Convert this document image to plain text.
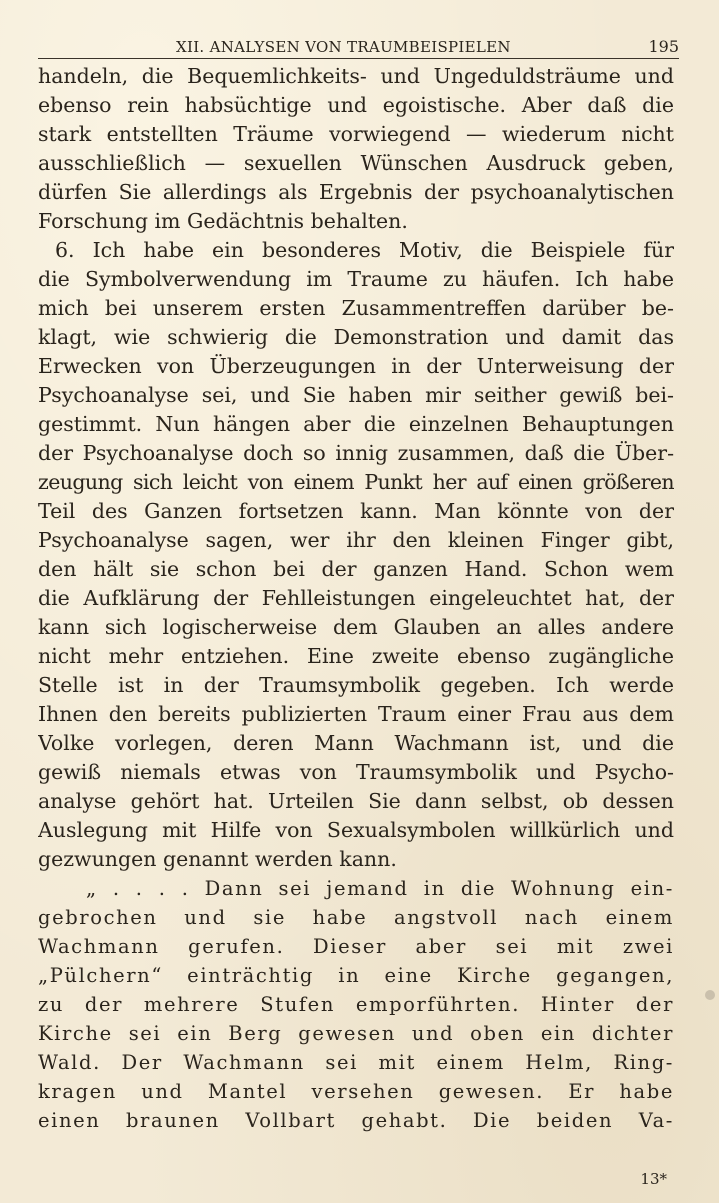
XII. ANALYSEN VON TRAUMBEISPIELEN	195
handeln, die Bequemlichkeits- und Ungeduldsträume und
ebenso rein habsüchtige und egoistische. Aber daß die
stark entstellten Träume vorwiegend — wiederum nicht
ausschließlich — sexuellen Wünschen Ausdruck geben,
dürfen Sie allerdings als Ergebnis der psychoanalytischen
Forschung im Gedächtnis behalten.
6. Ich habe ein besonderes Motiv, die Beispiele für
die Symbolverwendung im Traume zu häufen. Ich habe
mich bei unserem ersten Zusammentreffen darüber be-
klagt, wie schwierig die Demonstration und damit das
Erwecken von Überzeugungen in der Unterweisung der
Psychoanalyse sei, und Sie haben mir seither gewiß bei-
gestimmt. Nun hängen aber die einzelnen Behauptungen
der Psychoanalyse doch so innig zusammen, daß die Über-
zeugung sich leicht von einem Punkt her auf einen größeren
Teil des Ganzen fortsetzen kann. Man könnte von der
Psychoanalyse sagen, wer ihr den kleinen Finger gibt,
den hält sie schon bei der ganzen Hand. Schon wem
die Aufklärung der Fehlleistungen eingeleuchtet hat, der
kann sich logischerweise dem Glauben an alles andere
nicht mehr entziehen. Eine zweite ebenso zugängliche
Stelle ist in der Traumsymbolik gegeben. Ich werde
Ihnen den bereits publizierten Traum einer Frau aus dem
Volke vorlegen, deren Mann Wachmann ist, und die
gewiß niemals etwas von Traumsymbolik und Psycho-
analyse gehört hat. Urteilen Sie dann selbst, ob dessen
Auslegung mit Hilfe von Sexualsymbolen willkürlich und
gezwungen genannt werden kann.
„ . . . . Dann sei jemand in die Wohnung ein-
gebrochen und sie habe angstvoll nach einem
Wachmann gerufen. Dieser aber sei mit zwei
„Pülchern“ einträchtig in eine Kirche gegangen,
zu der mehrere Stufen emporführten. Hinter der
Kirche sei ein Berg gewesen und oben ein dichter
Wald. Der Wachmann sei mit einem Helm, Ring-
kragen und Mantel versehen gewesen. Er habe
einen braunen Vollbart gehabt. Die beiden Va-
13*
